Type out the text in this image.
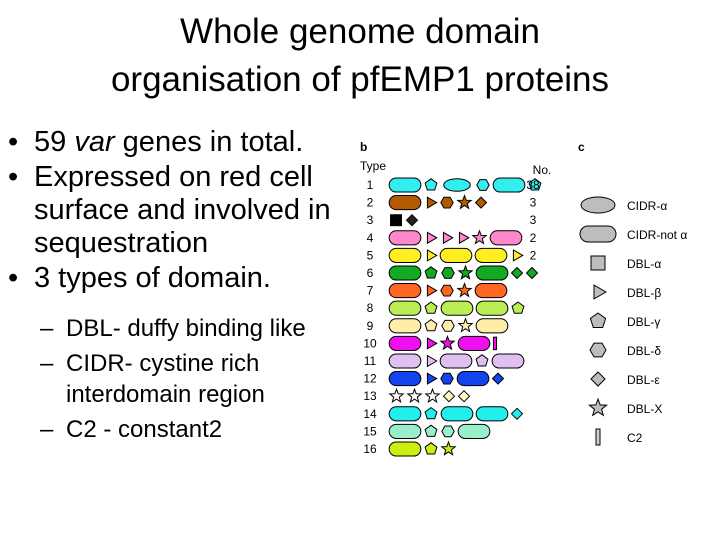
Whole genome domain
organisation of pfEMP1 proteins
• 59 var genes in total.
• Expressed on red cell surface and involved in sequestration
• 3 types of domain.
– DBL- duffy binding like
– CIDR- cystine rich interdomain region
– C2 - constant2
b
Type	No.
1
2
3
4
5
6
7
8
9
10
11
12
13
14
15
16
38
3
3
2
2
c
CIDR-α
CIDR-not α
DBL-α
DBL-β
DBL-γ
DBL-δ
DBL-ε
DBL-X
C2
